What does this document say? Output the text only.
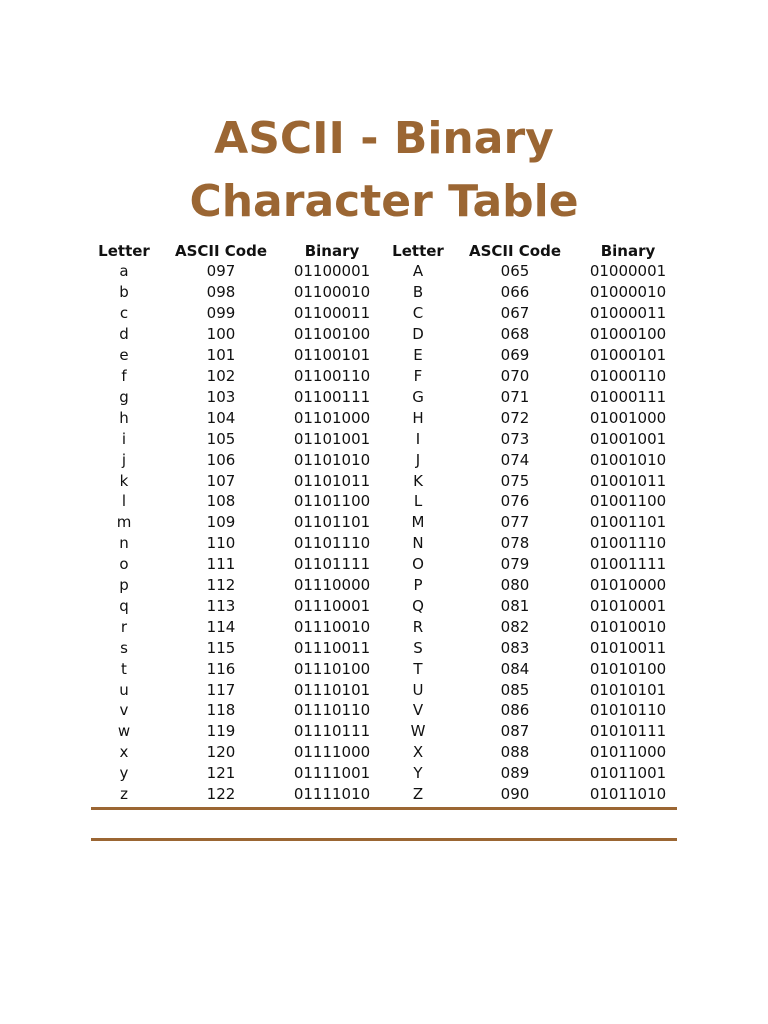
ASCII - Binary
Character Table
Letter	ASCII Code	Binary	Letter	ASCII Code	Binary
a	097	01100001	A	065	01000001
b	098	01100010	B	066	01000010
c	099	01100011	C	067	01000011
d	100	01100100	D	068	01000100
e	101	01100101	E	069	01000101
f	102	01100110	F	070	01000110
g	103	01100111	G	071	01000111
h	104	01101000	H	072	01001000
i	105	01101001	I	073	01001001
j	106	01101010	J	074	01001010
k	107	01101011	K	075	01001011
l	108	01101100	L	076	01001100
m	109	01101101	M	077	01001101
n	110	01101110	N	078	01001110
o	111	01101111	O	079	01001111
p	112	01110000	P	080	01010000
q	113	01110001	Q	081	01010001
r	114	01110010	R	082	01010010
s	115	01110011	S	083	01010011
t	116	01110100	T	084	01010100
u	117	01110101	U	085	01010101
v	118	01110110	V	086	01010110
w	119	01110111	W	087	01010111
x	120	01111000	X	088	01011000
y	121	01111001	Y	089	01011001
z	122	01111010	Z	090	01011010
